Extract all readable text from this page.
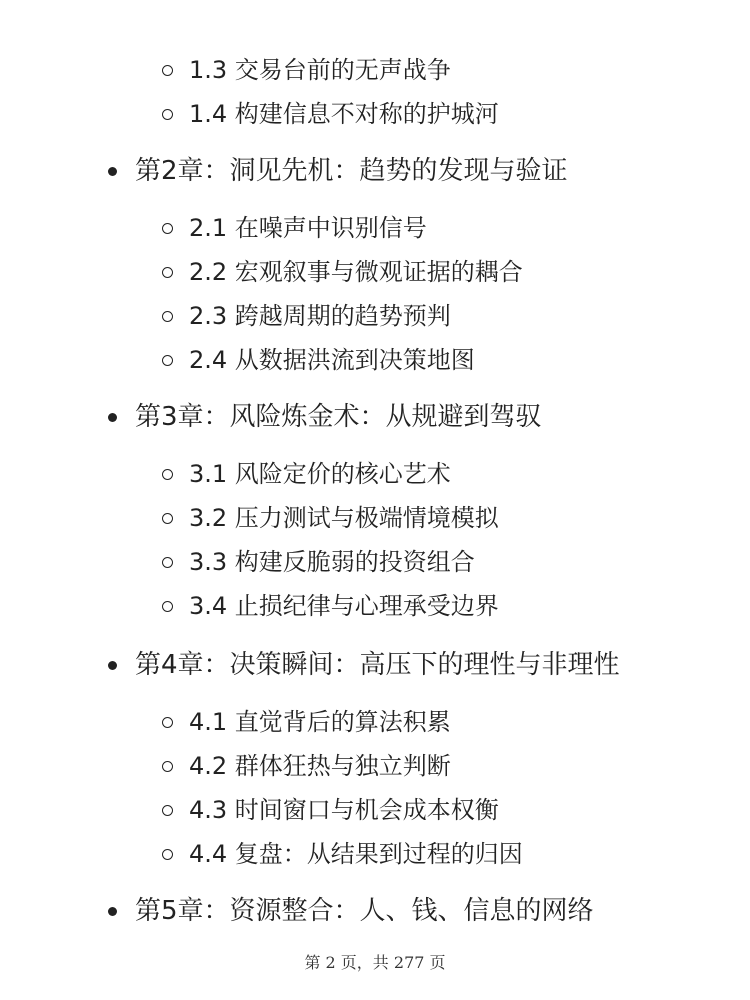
1.3 交易台前的无声战争
1.4 构建信息不对称的护城河
第2章：洞见先机：趋势的发现与验证
2.1 在噪声中识别信号
2.2 宏观叙事与微观证据的耦合
2.3 跨越周期的趋势预判
2.4 从数据洪流到决策地图
第3章：风险炼金术：从规避到驾驭
3.1 风险定价的核心艺术
3.2 压力测试与极端情境模拟
3.3 构建反脆弱的投资组合
3.4 止损纪律与心理承受边界
第4章：决策瞬间：高压下的理性与非理性
4.1 直觉背后的算法积累
4.2 群体狂热与独立判断
4.3 时间窗口与机会成本权衡
4.4 复盘：从结果到过程的归因
第5章：资源整合：人、钱、信息的网络
第 2 页，共 277 页
